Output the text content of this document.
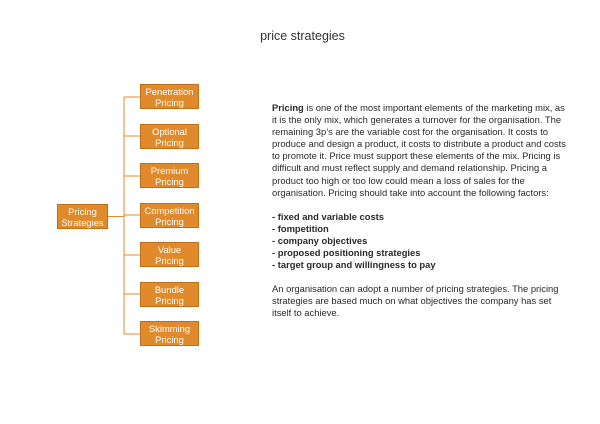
price strategies
Pricing Strategies
Penetration Pricing
Optional Pricing
Premium Pricing
Competition Pricing
Value Pricing
Bundle Pricing
Skimming Pricing

Pricing is one of the most important elements of the marketing mix, as it is the only mix, which generates a turnover for the organisation. The remaining 3p’s are the variable cost for the organisation. It costs to produce and design a product, it costs to distribute a product and costs to promote it. Price must support these elements of the mix. Pricing is difficult and must reflect supply and demand relationship. Pricing a product too high or too low could mean a loss of sales for the organisation. Pricing should take into account the following factors:

- fixed and variable costs
- fompetition
- company objectives
- proposed positioning strategies
- target group and willingness to pay

An organisation can adopt a number of pricing strategies. The pricing strategies are based much on what objectives the company has set itself to achieve.
